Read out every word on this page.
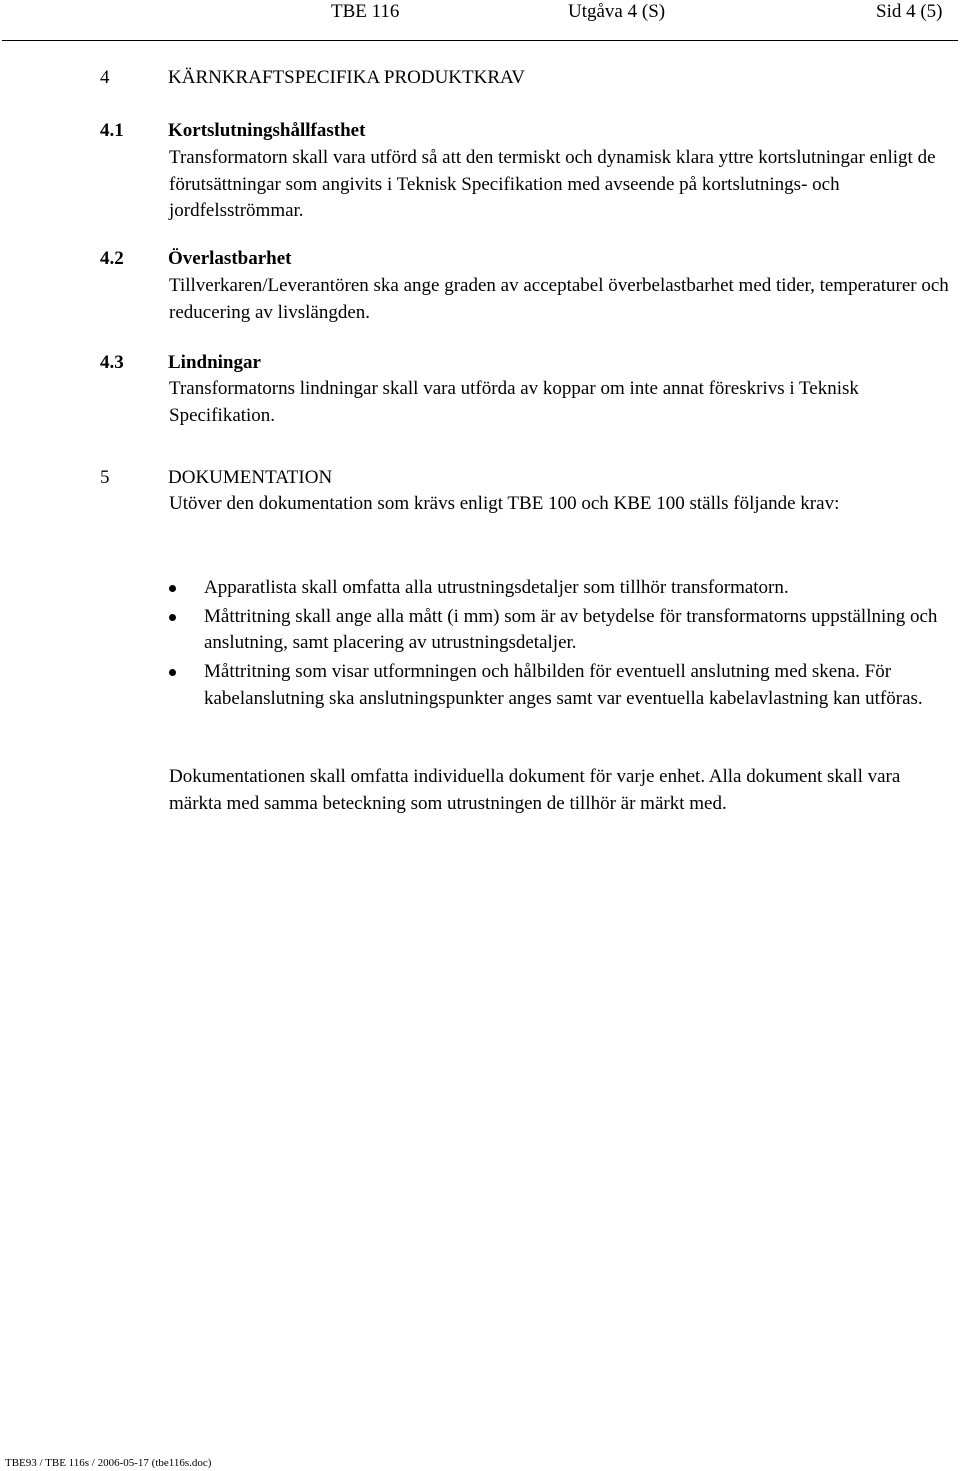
TBE 116	Utgåva 4 (S)	Sid 4 (5)
4	KÄRNKRAFTSPECIFIKA PRODUKTKRAV
4.1 Kortslutningshållfasthet

Transformatorn skall vara utförd så att den termiskt och dynamisk klara yttre kortslutningar enligt de förutsättningar som angivits i Teknisk Specifikation med avseende på kortslutnings- och jordfelsströmmar.

4.2 Överlastbarhet

Tillverkaren/Leverantören ska ange graden av acceptabel överbelastbarhet med tider, temperaturer och reducering av livslängden.

4.3 Lindningar

Transformatorns lindningar skall vara utförda av koppar om inte annat föreskrivs i Teknisk Specifikation.

5	DOKUMENTATION

Utöver den dokumentation som krävs enligt TBE 100 och KBE 100 ställs följande krav:

Apparatlista skall omfatta alla utrustningsdetaljer som tillhör transformatorn.
Måttritning skall ange alla mått (i mm) som är av betydelse för transformatorns uppställning och anslutning, samt placering av utrustningsdetaljer.
Måttritning som visar utformningen och hålbilden för eventuell anslutning med skena. För kabelanslutning ska anslutningspunkter anges samt var eventuella kabelavlastning kan utföras.

Dokumentationen skall omfatta individuella dokument för varje enhet. Alla dokument skall vara märkta med samma beteckning som utrustningen de tillhör är märkt med.

TBE93 / TBE 116s / 2006-05-17 (tbe116s.doc)
